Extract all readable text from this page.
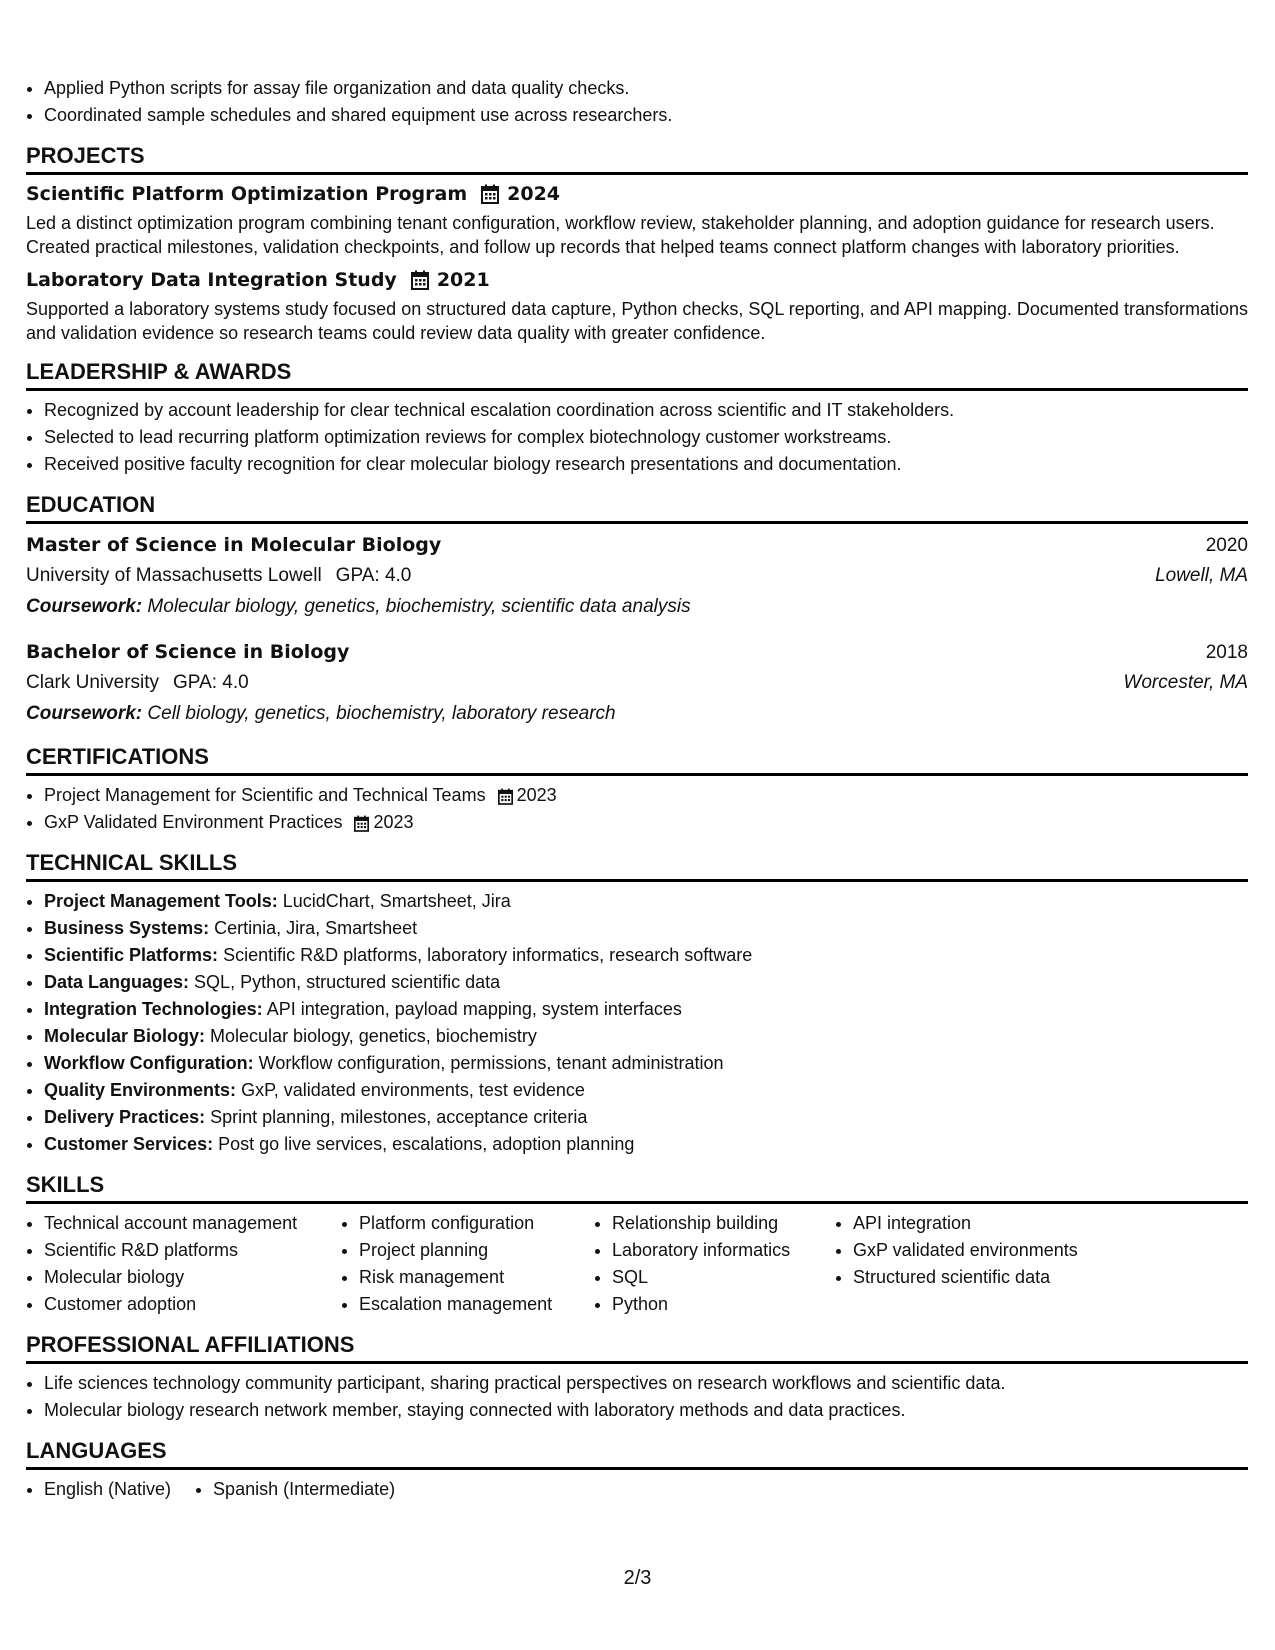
• Applied Python scripts for assay file organization and data quality checks.
• Coordinated sample schedules and shared equipment use across researchers.
PROJECTS
Scientific Platform Optimization Program 2024
Led a distinct optimization program combining tenant configuration, workflow review, stakeholder planning, and adoption guidance for research users. Created practical milestones, validation checkpoints, and follow up records that helped teams connect platform changes with laboratory priorities.
Laboratory Data Integration Study 2021
Supported a laboratory systems study focused on structured data capture, Python checks, SQL reporting, and API mapping. Documented transformations and validation evidence so research teams could review data quality with greater confidence.
LEADERSHIP & AWARDS
• Recognized by account leadership for clear technical escalation coordination across scientific and IT stakeholders.
• Selected to lead recurring platform optimization reviews for complex biotechnology customer workstreams.
• Received positive faculty recognition for clear molecular biology research presentations and documentation.
EDUCATION
Master of Science in Molecular Biology	2020
University of Massachusetts Lowell GPA: 4.0	Lowell, MA
Coursework: Molecular biology, genetics, biochemistry, scientific data analysis
Bachelor of Science in Biology	2018
Clark University GPA: 4.0	Worcester, MA
Coursework: Cell biology, genetics, biochemistry, laboratory research
CERTIFICATIONS
• Project Management for Scientific and Technical Teams 2023
• GxP Validated Environment Practices 2023
TECHNICAL SKILLS
• Project Management Tools: LucidChart, Smartsheet, Jira
• Business Systems: Certinia, Jira, Smartsheet
• Scientific Platforms: Scientific R&D platforms, laboratory informatics, research software
• Data Languages: SQL, Python, structured scientific data
• Integration Technologies: API integration, payload mapping, system interfaces
• Molecular Biology: Molecular biology, genetics, biochemistry
• Workflow Configuration: Workflow configuration, permissions, tenant administration
• Quality Environments: GxP, validated environments, test evidence
• Delivery Practices: Sprint planning, milestones, acceptance criteria
• Customer Services: Post go live services, escalations, adoption planning
SKILLS
• Technical account management
• Scientific R&D platforms
• Molecular biology
• Customer adoption
• Platform configuration
• Project planning
• Risk management
• Escalation management
• Relationship building
• Laboratory informatics
• SQL
• Python
• API integration
• GxP validated environments
• Structured scientific data
PROFESSIONAL AFFILIATIONS
• Life sciences technology community participant, sharing practical perspectives on research workflows and scientific data.
• Molecular biology research network member, staying connected with laboratory methods and data practices.
LANGUAGES
• English (Native)
• Spanish (Intermediate)
2/3
